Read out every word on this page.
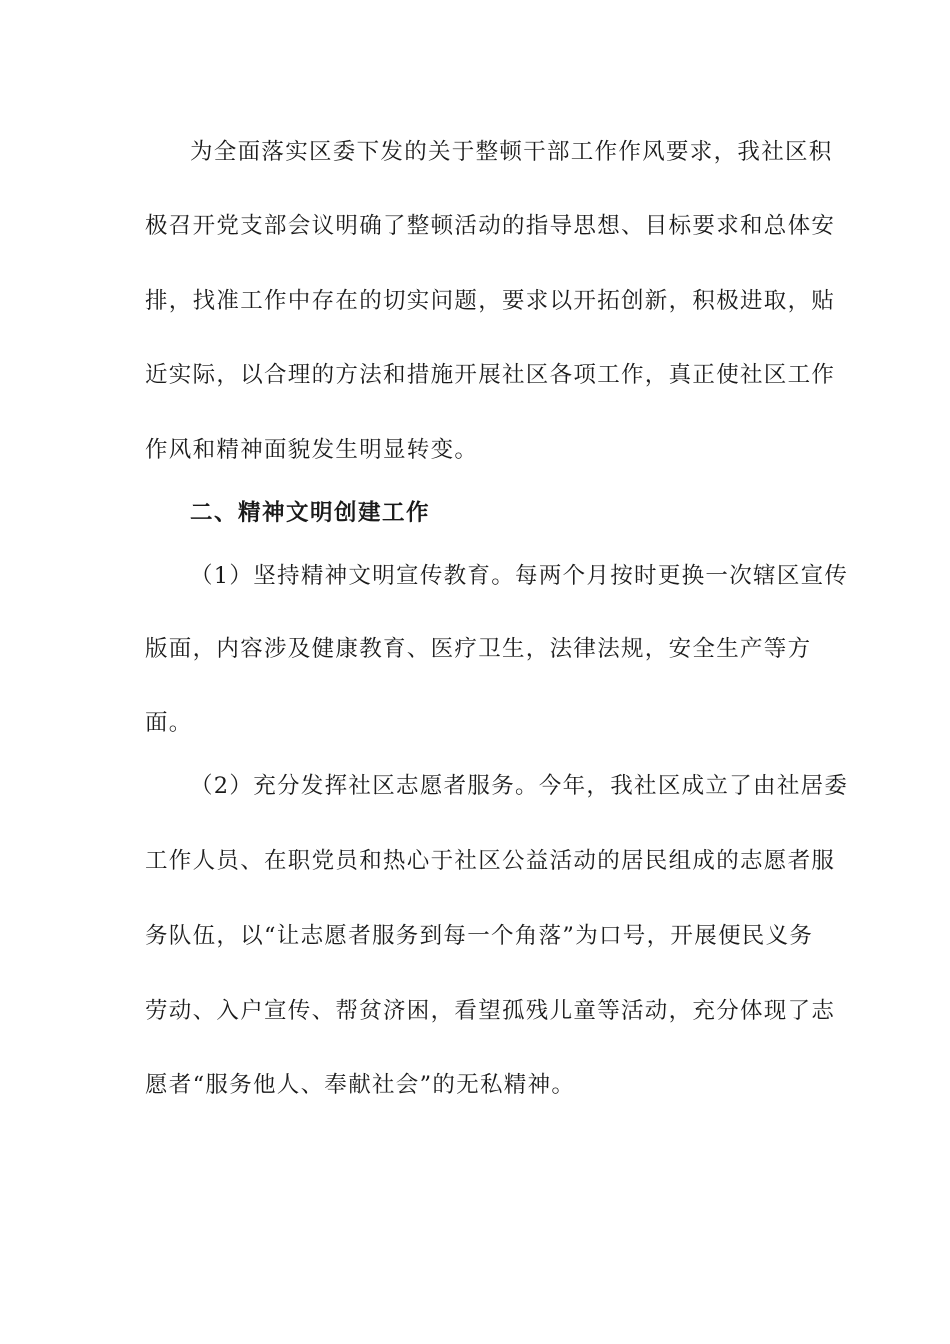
为全面落实区委下发的关于整顿干部工作作风要求，我社区积
极召开党支部会议明确了整顿活动的指导思想、目标要求和总体安
排，找准工作中存在的切实问题，要求以开拓创新，积极进取，贴
近实际，以合理的方法和措施开展社区各项工作，真正使社区工作
作风和精神面貌发生明显转变。
二、精神文明创建工作
（1）坚持精神文明宣传教育。每两个月按时更换一次辖区宣传
版面，内容涉及健康教育、医疗卫生，法律法规，安全生产等方
面。
（2）充分发挥社区志愿者服务。今年，我社区成立了由社居委
工作人员、在职党员和热心于社区公益活动的居民组成的志愿者服
务队伍，以“让志愿者服务到每一个角落”为口号，开展便民义务
劳动、入户宣传、帮贫济困，看望孤残儿童等活动，充分体现了志
愿者“服务他人、奉献社会”的无私精神。
